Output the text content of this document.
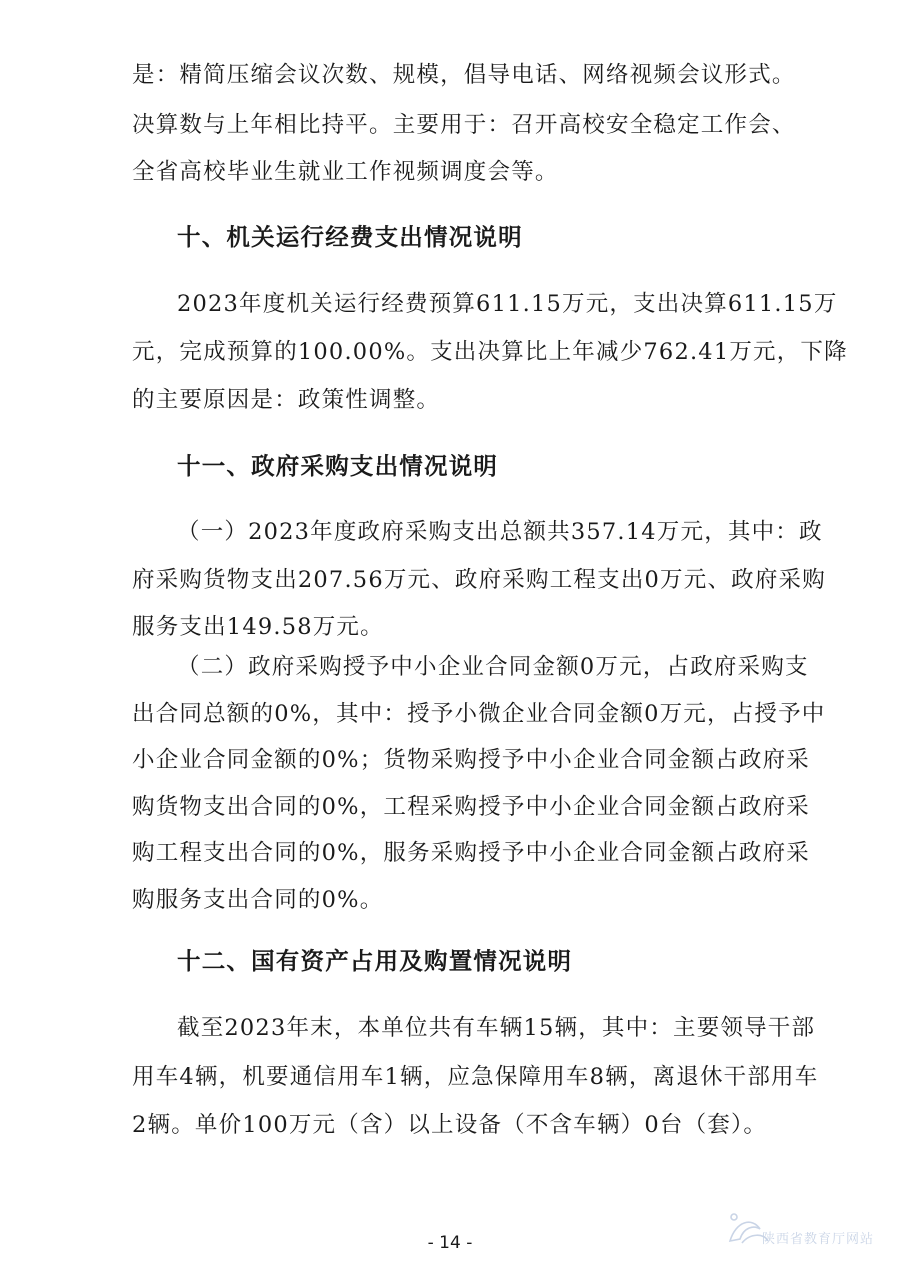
是：精简压缩会议次数、规模，倡导电话、网络视频会议形式。
决算数与上年相比持平。主要用于：召开高校安全稳定工作会、
全省高校毕业生就业工作视频调度会等。
十、机关运行经费支出情况说明
2023年度机关运行经费预算611.15万元，支出决算611.15万
元，完成预算的100.00%。支出决算比上年减少762.41万元，下降
的主要原因是：政策性调整。
十一、政府采购支出情况说明
（一）2023年度政府采购支出总额共357.14万元，其中：政
府采购货物支出207.56万元、政府采购工程支出0万元、政府采购
服务支出149.58万元。
（二）政府采购授予中小企业合同金额0万元，占政府采购支
出合同总额的0%，其中：授予小微企业合同金额0万元，占授予中
小企业合同金额的0%；货物采购授予中小企业合同金额占政府采
购货物支出合同的0%，工程采购授予中小企业合同金额占政府采
购工程支出合同的0%，服务采购授予中小企业合同金额占政府采
购服务支出合同的0%。
十二、国有资产占用及购置情况说明
截至2023年末，本单位共有车辆15辆，其中：主要领导干部
用车4辆，机要通信用车1辆，应急保障用车8辆，离退休干部用车
2辆。单价100万元（含）以上设备（不含车辆）0台（套）。
陕西省教育厅网站
- 14 -
